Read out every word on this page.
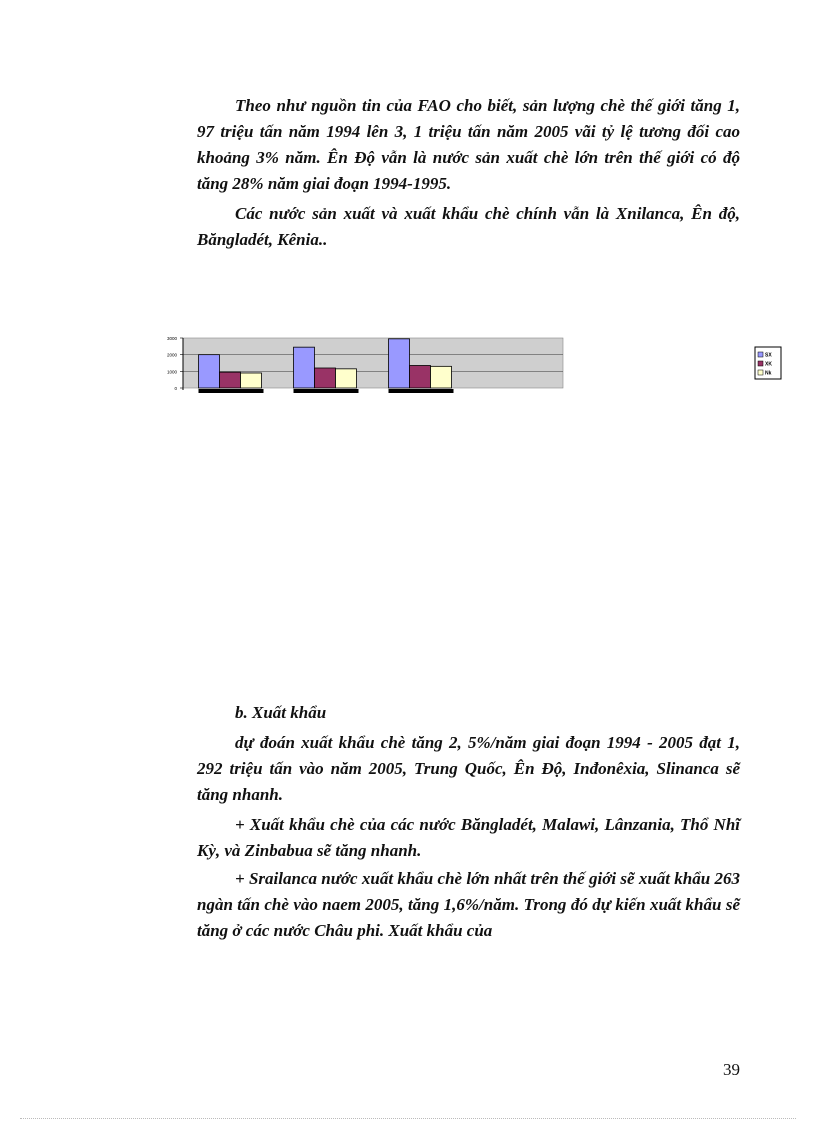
Theo như nguồn tin của FAO cho biết, sản lượng chè thế giới tăng 1, 97 triệu tấn năm 1994 lên 3, 1 triệu tấn năm 2005 vãi tỷ lệ tương đối cao khoảng 3% năm. Ên Độ vẫn là nước sản xuất chè lớn trên thế giới có độ tăng 28% năm giai đoạn 1994-1995.

Các nước sản xuất và xuất khẩu chè chính vẫn là Xnilanca, Ên độ, Băngladét, Kênia..

3000
2000
1000
0
SX
XK
Nk

b. Xuất khẩu

dự đoán xuất khẩu chè tăng 2, 5%/năm giai đoạn 1994 - 2005 đạt 1, 292 triệu tấn vào năm 2005, Trung Quốc, Ên Độ, Inđonêxia, Slinanca sẽ tăng nhanh.

+ Xuất khẩu chè của các nước Băngladét, Malawi, Lânzania, Thổ Nhĩ Kỳ, và Zinbabua sẽ tăng nhanh.

+ Srailanca nước xuất khẩu chè lớn nhất trên thế giới sẽ xuất khẩu 263 ngàn tấn chè vào naem 2005, tăng 1,6%/năm. Trong đó dự kiến xuất khẩu sẽ tăng ở các nước Châu phi. Xuất khẩu của

39
